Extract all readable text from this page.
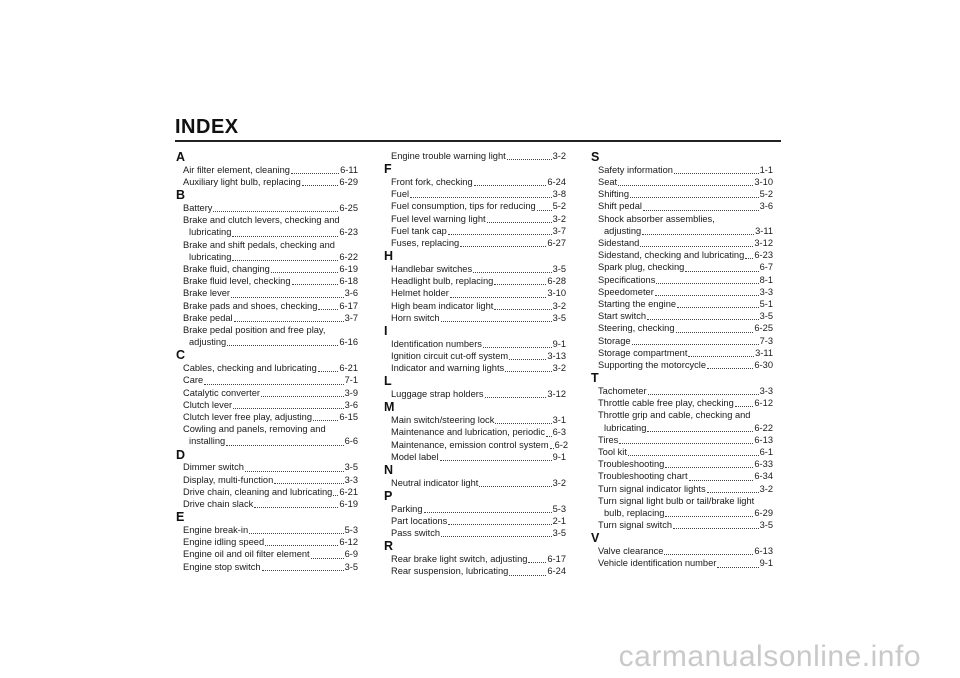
INDEX
A
Air filter element, cleaning	6-11
Auxiliary light bulb, replacing	6-29
B
Battery	6-25
Brake and clutch levers, checking and
lubricating	6-23
Brake and shift pedals, checking and
lubricating	6-22
Brake fluid, changing	6-19
Brake fluid level, checking	6-18
Brake lever	3-6
Brake pads and shoes, checking 6-17
Brake pedal	3-7
Brake pedal position and free play,
adjusting	6-16
C
Cables, checking and lubricating 6-21
Care	7-1
Catalytic converter	3-9
Clutch lever	3-6
Clutch lever free play, adjusting	6-15
Cowling and panels, removing and
installing	6-6
D
Dimmer switch	3-5
Display, multi-function	3-3
Drive chain, cleaning and lubricating 6-21
Drive chain slack	6-19
E
Engine break-in	5-3
Engine idling speed	6-12
Engine oil and oil filter element	6-9
Engine stop switch	3-5
Engine trouble warning light	3-2
F
Front fork, checking	6-24
Fuel	3-8
Fuel consumption, tips for reducing 5-2
Fuel level warning light	3-2
Fuel tank cap	3-7
Fuses, replacing	6-27
H
Handlebar switches	3-5
Headlight bulb, replacing	6-28
Helmet holder	3-10
High beam indicator light	3-2
Horn switch	3-5
I
Identification numbers	9-1
Ignition circuit cut-off system	3-13
Indicator and warning lights	3-2
L
Luggage strap holders	3-12
M
Main switch/steering lock	3-1
Maintenance and lubrication, periodic 6-3
Maintenance, emission control system 6-2
Model label	9-1
N
Neutral indicator light	3-2
P
Parking	5-3
Part locations	2-1
Pass switch	3-5
R
Rear brake light switch, adjusting 6-17
Rear suspension, lubricating	6-24
S
Safety information	1-1
Seat	3-10
Shifting	5-2
Shift pedal	3-6
Shock absorber assemblies,
adjusting	3-11
Sidestand	3-12
Sidestand, checking and lubricating 6-23
Spark plug, checking	6-7
Specifications	8-1
Speedometer	3-3
Starting the engine	5-1
Start switch	3-5
Steering, checking	6-25
Storage	7-3
Storage compartment	3-11
Supporting the motorcycle	6-30
T
Tachometer	3-3
Throttle cable free play, checking 6-12
Throttle grip and cable, checking and
lubricating	6-22
Tires	6-13
Tool kit	6-1
Troubleshooting	6-33
Troubleshooting chart	6-34
Turn signal indicator lights	3-2
Turn signal light bulb or tail/brake light
bulb, replacing	6-29
Turn signal switch	3-5
V
Valve clearance	6-13
Vehicle identification number	9-1
carmanualsonline.info
